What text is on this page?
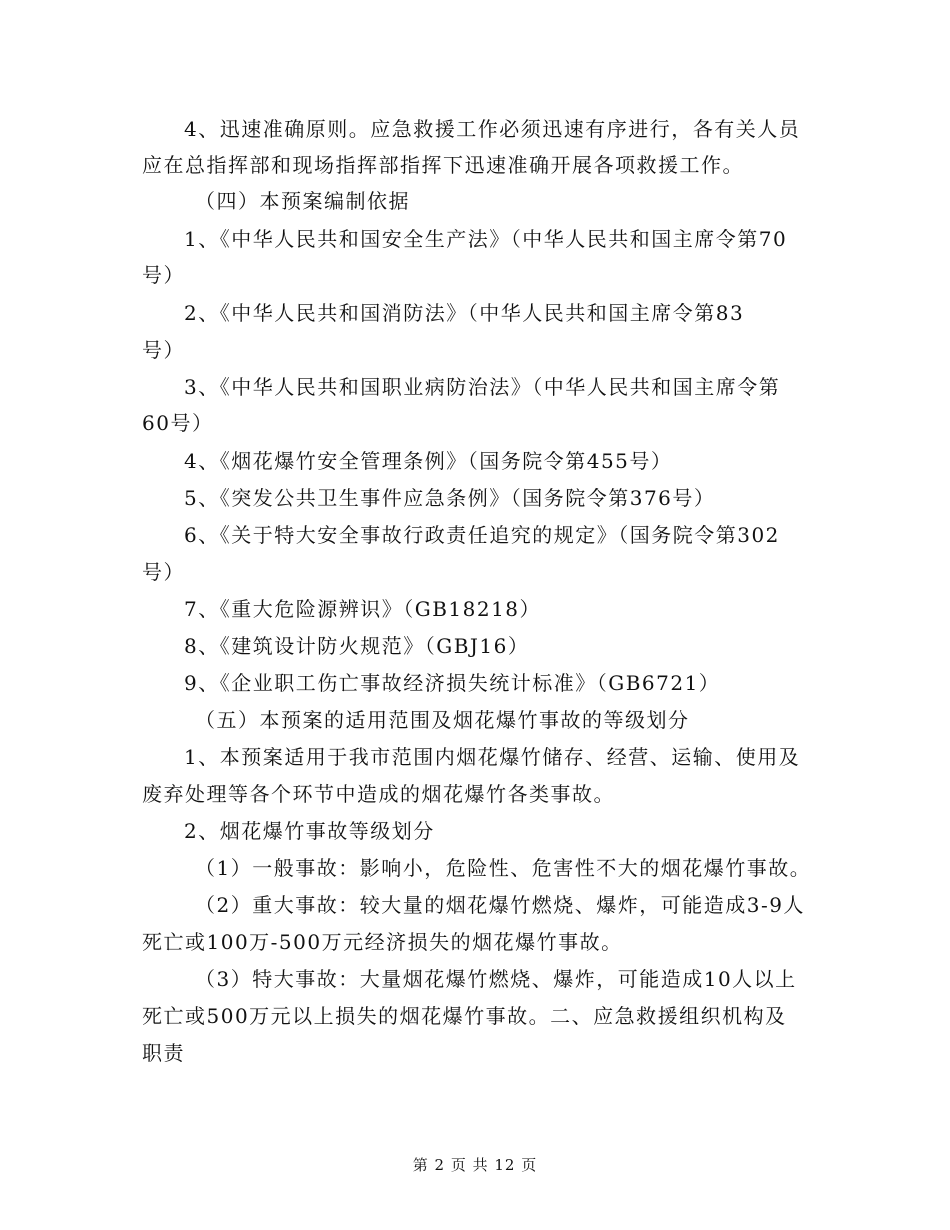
4、迅速准确原则。应急救援工作必须迅速有序进行，各有关人员
应在总指挥部和现场指挥部指挥下迅速准确开展各项救援工作。
（四）本预案编制依据
1、《中华人民共和国安全生产法》（中华人民共和国主席令第70
号）
2、《中华人民共和国消防法》（中华人民共和国主席令第83
号）
3、《中华人民共和国职业病防治法》（中华人民共和国主席令第
60号）
4、《烟花爆竹安全管理条例》（国务院令第455号）
5、《突发公共卫生事件应急条例》（国务院令第376号）
6、《关于特大安全事故行政责任追究的规定》（国务院令第302
号）
7、《重大危险源辨识》（GB18218）
8、《建筑设计防火规范》（GBJ16）
9、《企业职工伤亡事故经济损失统计标准》（GB6721）
（五）本预案的适用范围及烟花爆竹事故的等级划分
1、本预案适用于我市范围内烟花爆竹储存、经营、运输、使用及
废弃处理等各个环节中造成的烟花爆竹各类事故。
2、烟花爆竹事故等级划分
（1）一般事故：影响小，危险性、危害性不大的烟花爆竹事故。
（2）重大事故：较大量的烟花爆竹燃烧、爆炸，可能造成3-9人
死亡或100万-500万元经济损失的烟花爆竹事故。
（3）特大事故：大量烟花爆竹燃烧、爆炸，可能造成10人以上
死亡或500万元以上损失的烟花爆竹事故。二、应急救援组织机构及
职责
第 2 页 共 12 页
